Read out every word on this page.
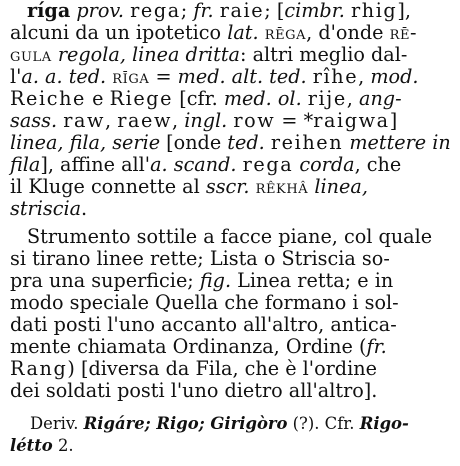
ríga prov. rega; fr. raie; [cimbr. rhig],
alcuni da un ipotetico lat. rēga, d'onde rē-
gula regola, linea dritta: altri meglio dal-
l'a. a. ted. rīga = med. alt. ted. rîhe, mod.
Reiche e Riege [cfr. med. ol. rije, ang-
sass. raw, raew, ingl. row = *raigwa]
linea, fila, serie [onde ted. reihen mettere in
fila], affine all'a. scand. rega corda, che
il Kluge connette al sscr. rêkhâ linea,
striscia.
Strumento sottile a facce piane, col quale
si tirano linee rette; Lista o Striscia so-
pra una superficie; fig. Linea retta; e in
modo speciale Quella che formano i sol-
dati posti l'uno accanto all'altro, antica-
mente chiamata Ordinanza, Ordine (fr.
Rang) [diversa da Fila, che è l'ordine
dei soldati posti l'uno dietro all'altro].
Deriv. Rigáre; Rigo; Girigòro (?). Cfr. Rigo-
létto 2.
